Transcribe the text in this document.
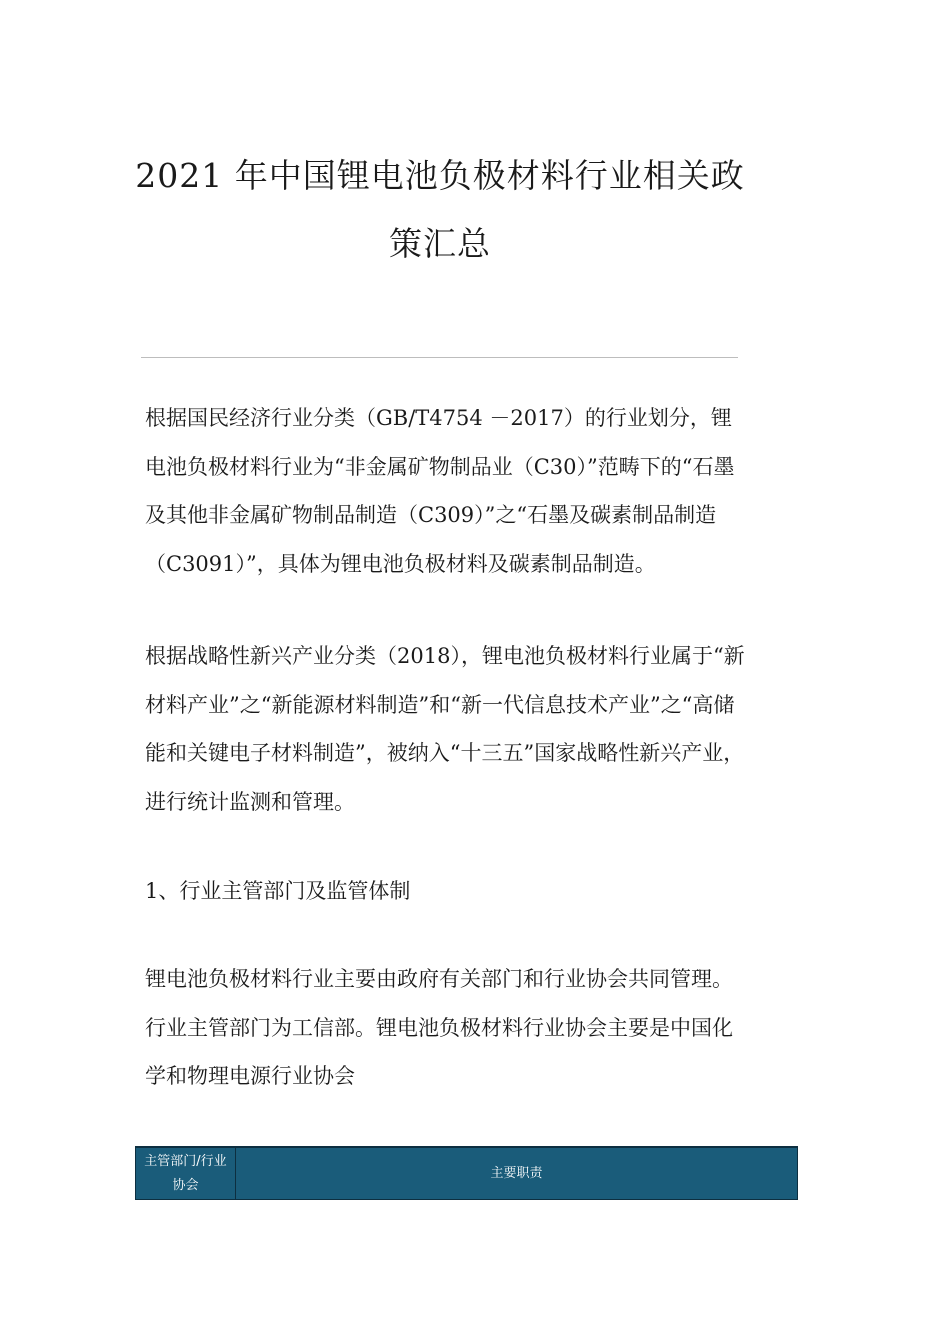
2021 年中国锂电池负极材料行业相关政
策汇总

根据国民经济行业分类（GB/T4754 －2017）的行业划分，锂电池负极材料行业为“非金属矿物制品业（C30）”范畴下的“石墨及其他非金属矿物制品制造（C309）”之“石墨及碳素制品制造（C3091）”，具体为锂电池负极材料及碳素制品制造。

根据战略性新兴产业分类（2018），锂电池负极材料行业属于“新材料产业”之“新能源材料制造”和“新一代信息技术产业”之“高储能和关键电子材料制造”，被纳入“十三五”国家战略性新兴产业，进行统计监测和管理。

1、行业主管部门及监管体制

锂电池负极材料行业主要由政府有关部门和行业协会共同管理。行业主管部门为工信部。锂电池负极材料行业协会主要是中国化学和物理电源行业协会

主管部门/行业协会
主要职责
